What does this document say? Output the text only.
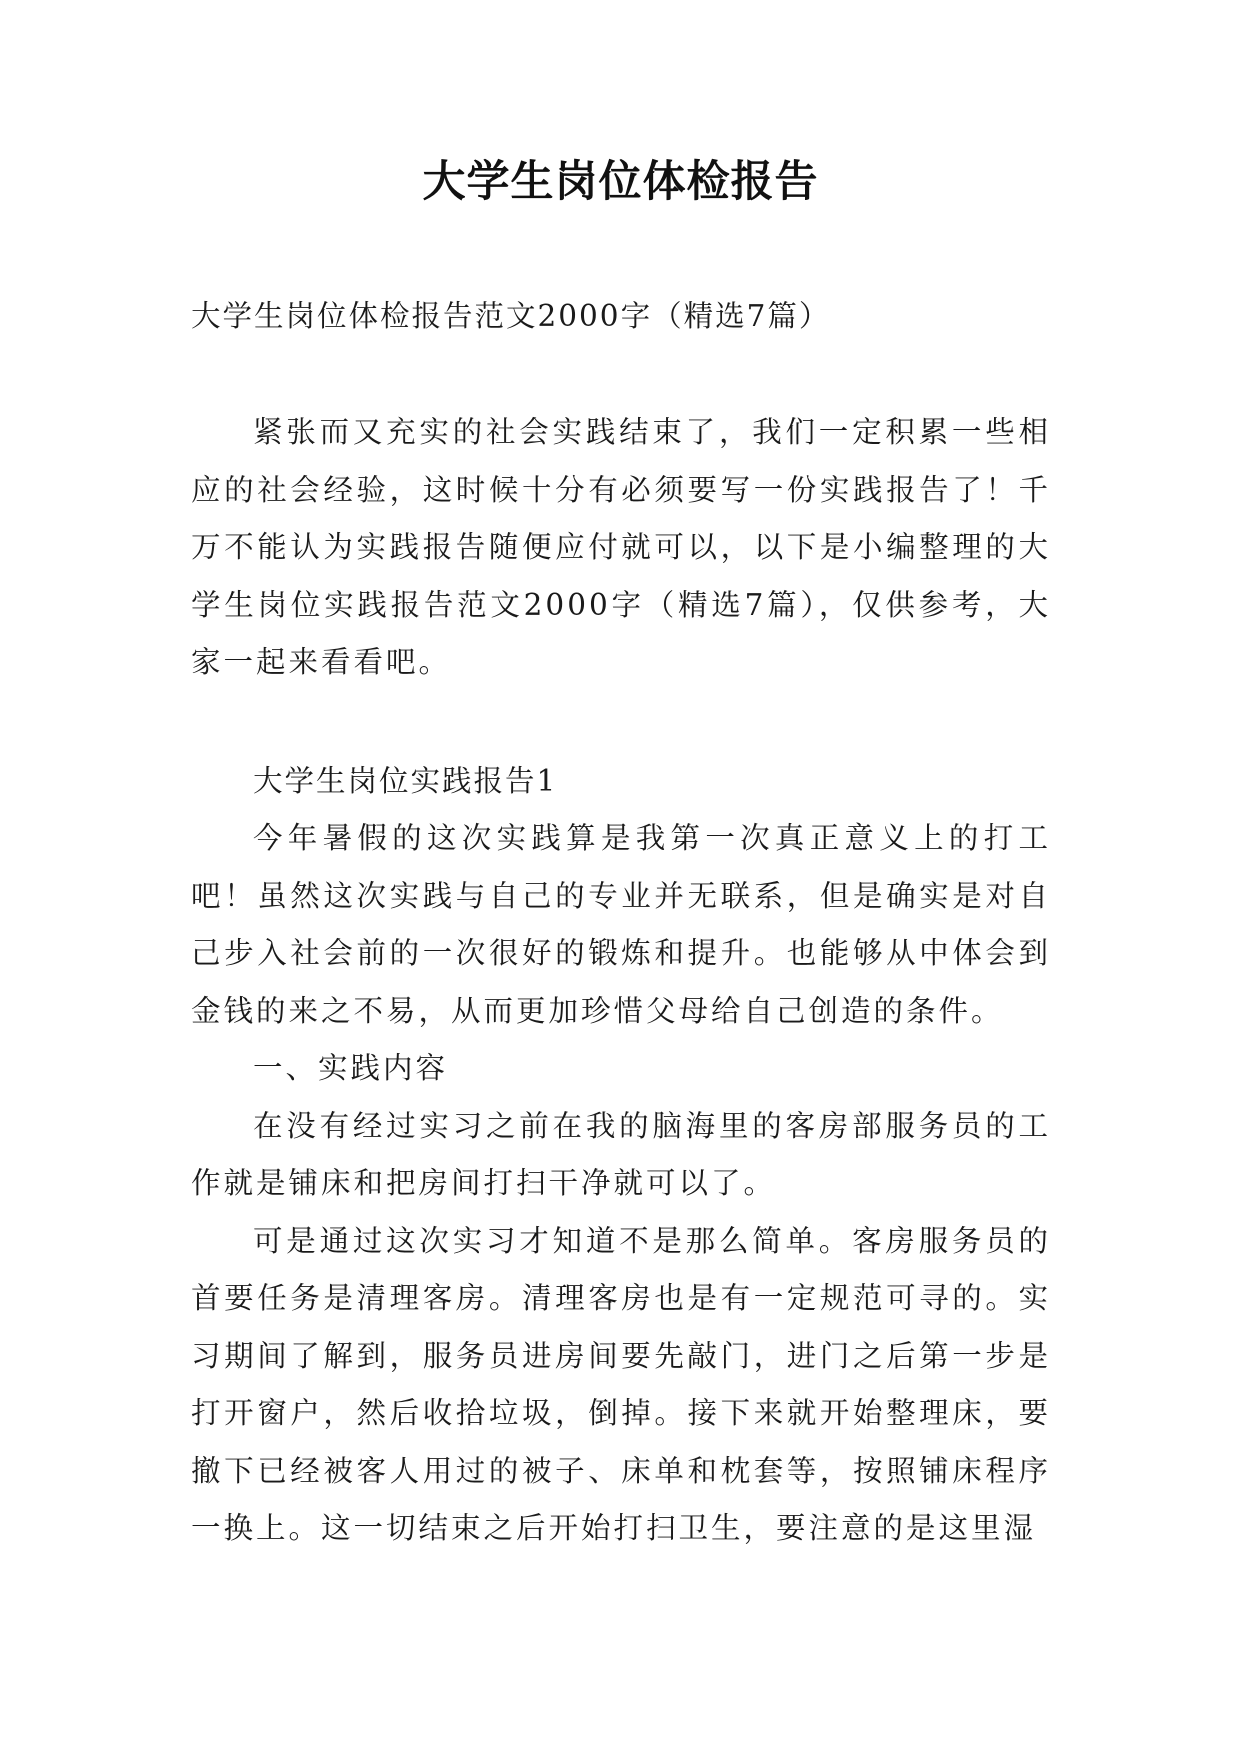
大学生岗位体检报告

大学生岗位体检报告范文2000字（精选7篇）

紧张而又充实的社会实践结束了，我们一定积累一些相应的社会经验，这时候十分有必须要写一份实践报告了！千万不能认为实践报告随便应付就可以，以下是小编整理的大学生岗位实践报告范文2000字（精选7篇），仅供参考，大家一起来看看吧。

大学生岗位实践报告1

今年暑假的这次实践算是我第一次真正意义上的打工吧！虽然这次实践与自己的专业并无联系，但是确实是对自己步入社会前的一次很好的锻炼和提升。也能够从中体会到金钱的来之不易，从而更加珍惜父母给自己创造的条件。

一、实践内容

在没有经过实习之前在我的脑海里的客房部服务员的工作就是铺床和把房间打扫干净就可以了。

可是通过这次实习才知道不是那么简单。客房服务员的首要任务是清理客房。清理客房也是有一定规范可寻的。实习期间了解到，服务员进房间要先敲门，进门之后第一步是打开窗户，然后收拾垃圾，倒掉。接下来就开始整理床，要撤下已经被客人用过的被子、床单和枕套等，按照铺床程序一换上。这一切结束之后开始打扫卫生，要注意的是这里湿
